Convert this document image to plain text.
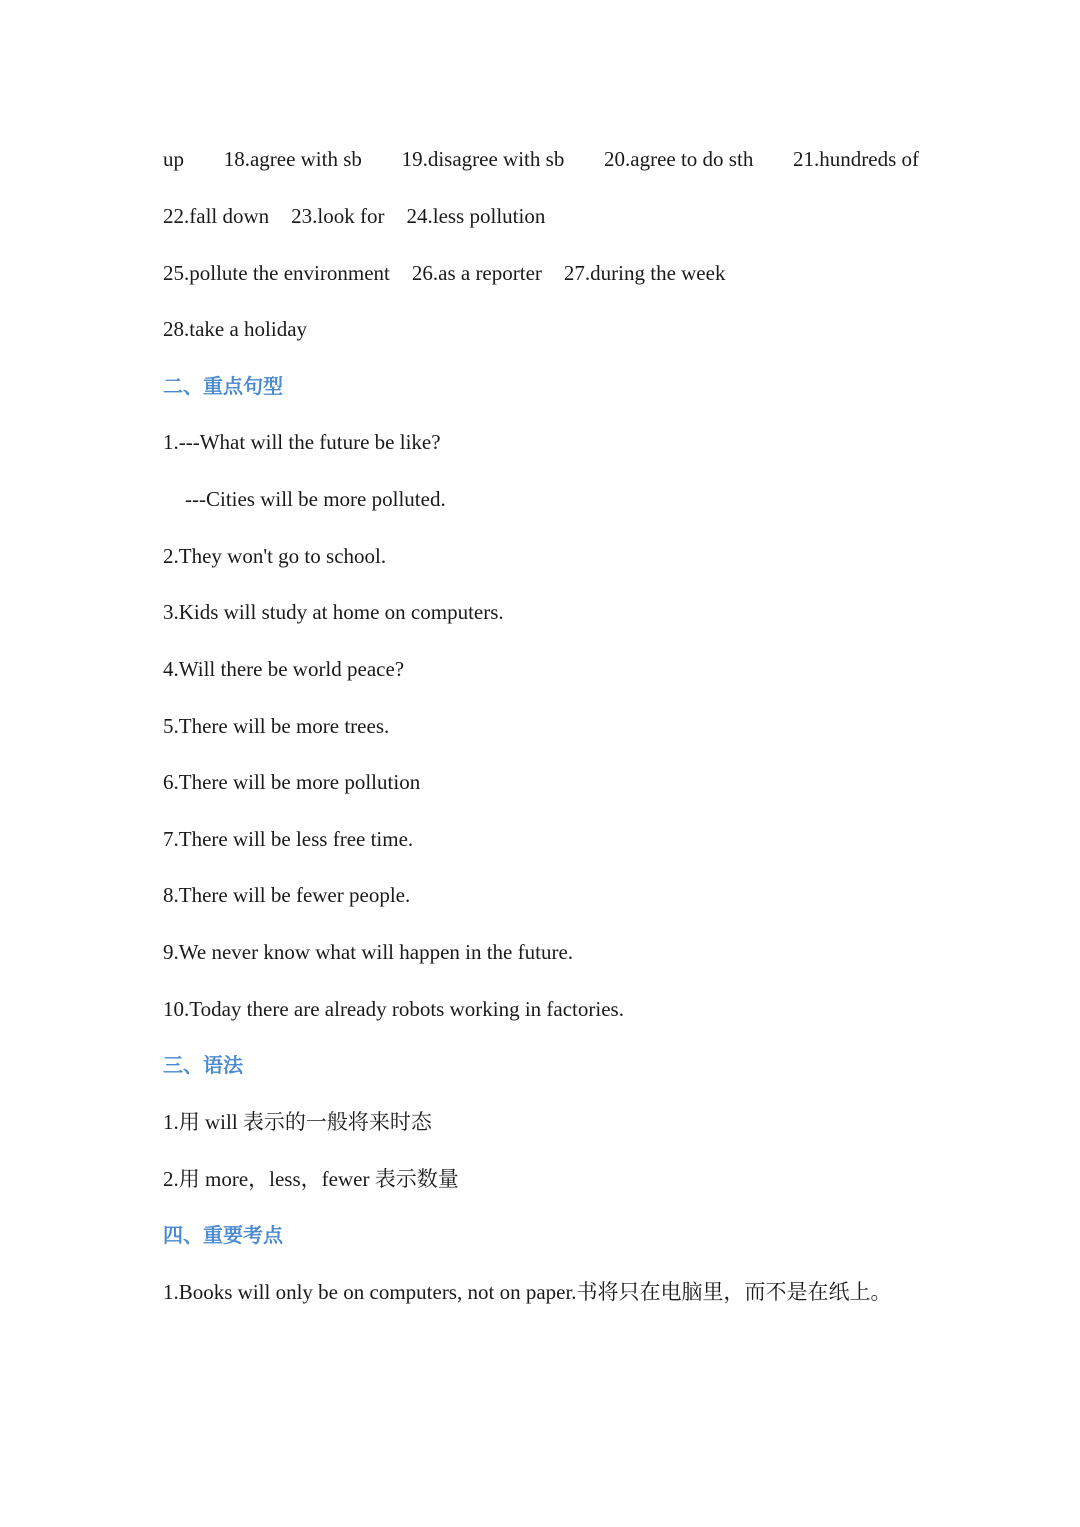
up 18.agree with sb 19.disagree with sb 20.agree to do sth 21.hundreds of
22.fall down 23.look for 24.less pollution
25.pollute the environment 26.as a reporter 27.during the week
28.take a holiday
二、重点句型
1.---What will the future be like?
---Cities will be more polluted.
2.They won't go to school.
3.Kids will study at home on computers.
4.Will there be world peace?
5.There will be more trees.
6.There will be more pollution
7.There will be less free time.
8.There will be fewer people.
9.We never know what will happen in the future.
10.Today there are already robots working in factories.
三、语法
1.用 will 表示的一般将来时态
2.用 more，less，fewer 表示数量
四、重要考点
1.Books will only be on computers, not on paper.书将只在电脑里，而不是在纸上。
